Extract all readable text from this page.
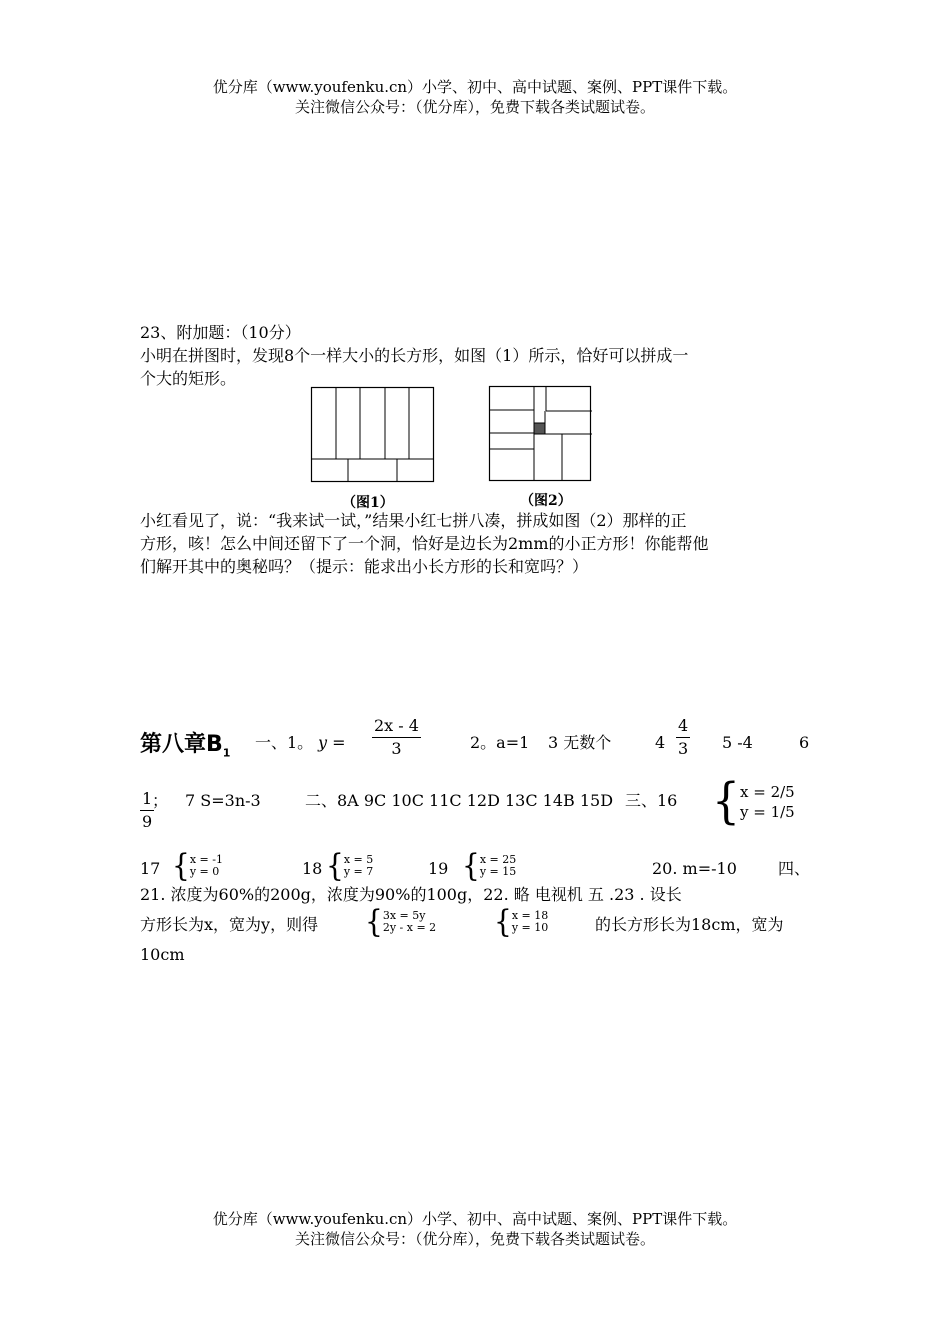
优分库（www.youfenku.cn）小学、初中、高中试题、案例、PPT课件下载。
关注微信公众号：（优分库），免费下载各类试题试卷。
23、附加题：（10分）
小明在拼图时，发现8个一样大小的长方形，如图（1）所示，恰好可以拼成一
个大的矩形。
（图1）	（图2）
小红看见了，说：“我来试一试，”结果小红七拼八凑，拼成如图（2）那样的正
方形，咳！怎么中间还留下了一个洞，恰好是边长为2mm的小正方形！你能帮他
们解开其中的奥秘吗？（提示：能求出小长方形的长和宽吗？）
第八章$B_1$
一、1。 $y = \frac{2x - 4}{3}$	2。a=1 3 无数个	$4 \frac{4}{3} 5$ -4	6
$\frac{1}{9}$
； 7 S=3n-3	二、8A 9C 10C 11C 12D 13C 14B 15D 三、16 { x = 2/5
y = 1/5
17 { x = -1
y = 0	18 { x = 5
y = 7	19 { x = 25
y = 15	20. m=-10	四、
21. 浓度为60%的200g，浓度为90%的100g，22. 略 电视机 五 .23 . 设长
方形长为x，宽为y，则得 { 3x = 5y
2y - x = 2 { x = 18
y = 10	的长方形长为18cm，宽为
10cm
优分库（www.youfenku.cn）小学、初中、高中试题、案例、PPT课件下载。
关注微信公众号：（优分库），免费下载各类试题试卷。
